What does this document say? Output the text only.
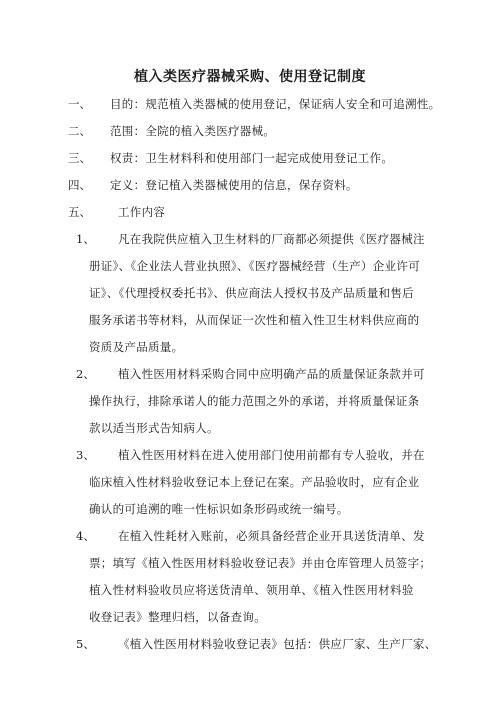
植入类医疗器械采购、使用登记制度
一、 目的：规范植入类器械的使用登记，保证病人安全和可追溯性。
二、 范围：全院的植入类医疗器械。
三、 权责：卫生材料科和使用部门一起完成使用登记工作。
四、 定义：登记植入类器械使用的信息，保存资料。
五、 工作内容
1、 凡在我院供应植入卫生材料的厂商都必须提供《医疗器械注
册证》、《企业法人营业执照》、《医疗器械经营（生产）企业许可
证》、《代理授权委托书》、供应商法人授权书及产品质量和售后
服务承诺书等材料，从而保证一次性和植入性卫生材料供应商的
资质及产品质量。
2、 植入性医用材料采购合同中应明确产品的质量保证条款并可
操作执行，排除承诺人的能力范围之外的承诺，并将质量保证条
款以适当形式告知病人。
3、 植入性医用材料在进入使用部门使用前都有专人验收，并在
临床植入性材料验收登记本上登记在案。产品验收时，应有企业
确认的可追溯的唯一性标识如条形码或统一编号。
4、 在植入性耗材入账前，必须具备经营企业开具送货清单、发
票；填写《植入性医用材料验收登记表》并由仓库管理人员签字；
植入性材料验收员应将送货清单、领用单、《植入性医用材料验
收登记表》整理归档，以备查询。
5、 《植入性医用材料验收登记表》包括：供应厂家、生产厂家、
